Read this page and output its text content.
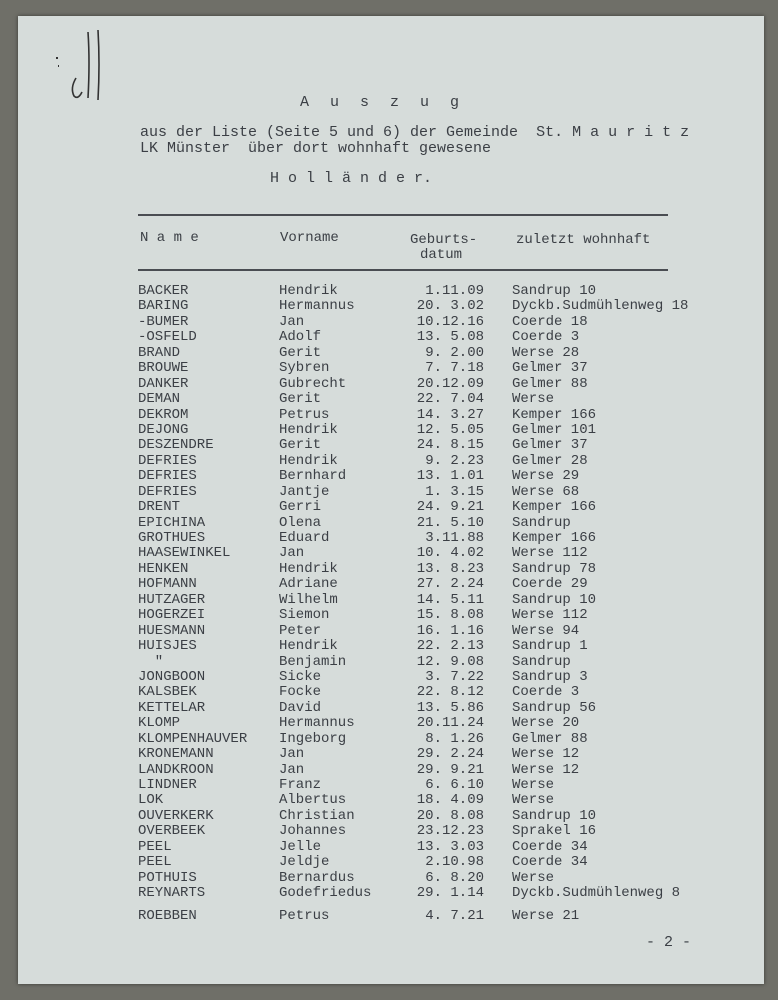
A u s z u g
aus der Liste (Seite 5 und 6) der Gemeinde  St. M a u r i t z
LK Münster  über dort wohnhaft gewesene
H o l l ä n d e r.
N a m e	Vorname	Geburts-
datum
zuletzt wohnhaft
BACKER
BARING
-BUMER
-OSFELD
BRAND
BROUWE
DANKER
DEMAN
DEKROM
DEJONG
DESZENDRE
DEFRIES
DEFRIES
DEFRIES
DRENT
EPICHINA
GROTHUES
HAASEWINKEL
HENKEN
HOFMANN
HUTZAGER
HOGERZEI
HUESMANN
HUISJES
"
JONGBOON
KALSBEK
KETTELAR
KLOMP
KLOMPENHAUVER
KRONEMANN
LANDKROON
LINDNER
LOK
OUVERKERK
OVERBEEK
PEEL
PEEL
POTHUIS
REYNARTS
ROEBBEN
Hendrik
Hermannus
Jan
Adolf
Gerit
Sybren
Gubrecht
Gerit
Petrus
Hendrik
Gerit
Hendrik
Bernhard
Jantje
Gerri
Olena
Eduard
Jan
Hendrik
Adriane
Wilhelm
Siemon
Peter
Hendrik
Benjamin
Sicke
Focke
David
Hermannus
Ingeborg
Jan
Jan
Franz
Albertus
Christian
Johannes
Jelle
Jeldje
Bernardus
Godefriedus
Petrus
1.11.09
20. 3.02
10.12.16
13. 5.08
9. 2.00
7. 7.18
20.12.09
22. 7.04
14. 3.27
12. 5.05
24. 8.15
9. 2.23
13. 1.01
1. 3.15
24. 9.21
21. 5.10
3.11.88
10. 4.02
13. 8.23
27. 2.24
14. 5.11
15. 8.08
16. 1.16
22. 2.13
12. 9.08
3. 7.22
22. 8.12
13. 5.86
20.11.24
8. 1.26
29. 2.24
29. 9.21
6. 6.10
18. 4.09
20. 8.08
23.12.23
13. 3.03
2.10.98
6. 8.20
29. 1.14
4. 7.21
Sandrup 10
Dyckb.Sudmühlenweg 18
Coerde 18
Coerde 3
Werse 28
Gelmer 37
Gelmer 88
Werse
Kemper 166
Gelmer 101
Gelmer 37
Gelmer 28
Werse 29
Werse 68
Kemper 166
Sandrup
Kemper 166
Werse 112
Sandrup 78
Coerde 29
Sandrup 10
Werse 112
Werse 94
Sandrup 1
Sandrup
Sandrup 3
Coerde 3
Sandrup 56
Werse 20
Gelmer 88
Werse 12
Werse 12
Werse
Werse
Sandrup 10
Sprakel 16
Coerde 34
Coerde 34
Werse
Dyckb.Sudmühlenweg 8
Werse 21
- 2 -
